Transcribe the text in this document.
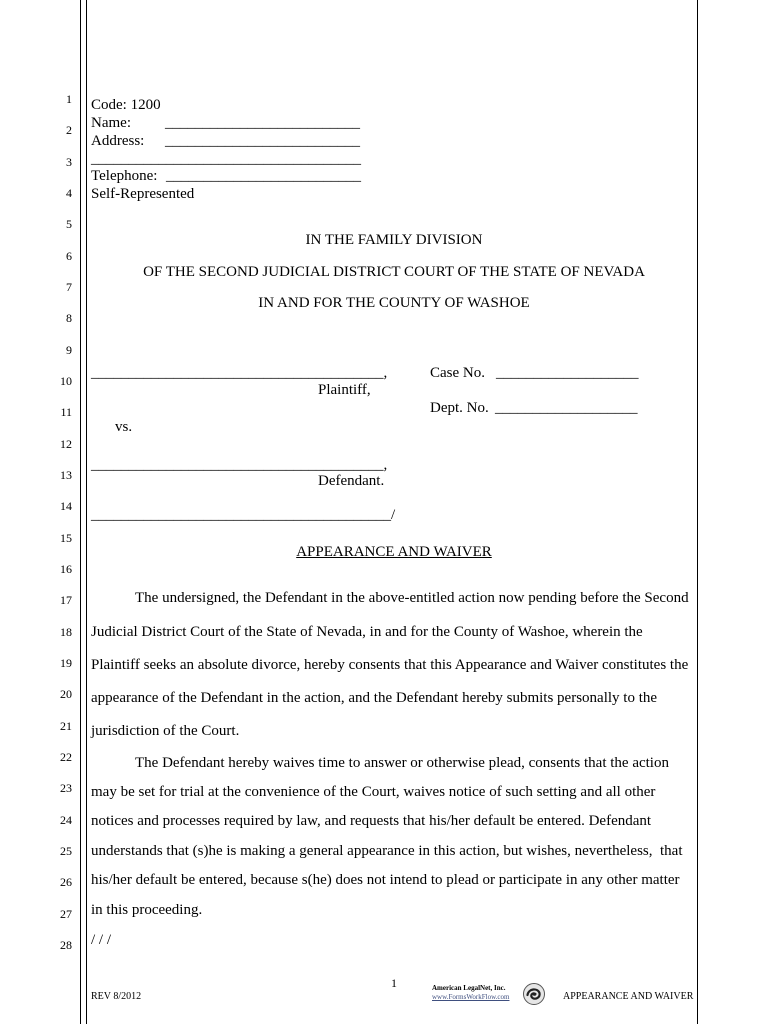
1
2
3
4
5
6
7
8
9
10
11
12
13
14
15
16
17
18
19
20
21
22
23
24
25
26
27
28
Code: 1200
Name: __________________________
Address: __________________________
____________________________________
Telephone: __________________________
Self-Represented
IN THE FAMILY DIVISION
OF THE SECOND JUDICIAL DISTRICT COURT OF THE STATE OF NEVADA
IN AND FOR THE COUNTY OF WASHOE
_______________________________________,	Case No. ___________________
Plaintiff,
Dept. No. ___________________
vs.
_______________________________________,
Defendant.
________________________________________/
APPEARANCE AND WAIVER
The undersigned, the Defendant in the above-entitled action now pending before the Second
Judicial District Court of the State of Nevada, in and for the County of Washoe, wherein the
Plaintiff seeks an absolute divorce, hereby consents that this Appearance and Waiver constitutes the
appearance of the Defendant in the action, and the Defendant hereby submits personally to the
jurisdiction of the Court.
The Defendant hereby waives time to answer or otherwise plead, consents that the action
may be set for trial at the convenience of the Court, waives notice of such setting and all other
notices and processes required by law, and requests that his/her default be entered. Defendant
understands that (s)he is making a general appearance in this action, but wishes, nevertheless,  that
his/her default be entered, because s(he) does not intend to plead or participate in any other matter
in this proceeding.
/ / /
1
REV 8/2012
American LegalNet, Inc.
www.FormsWorkFlow.com	APPEARANCE AND WAIVER
